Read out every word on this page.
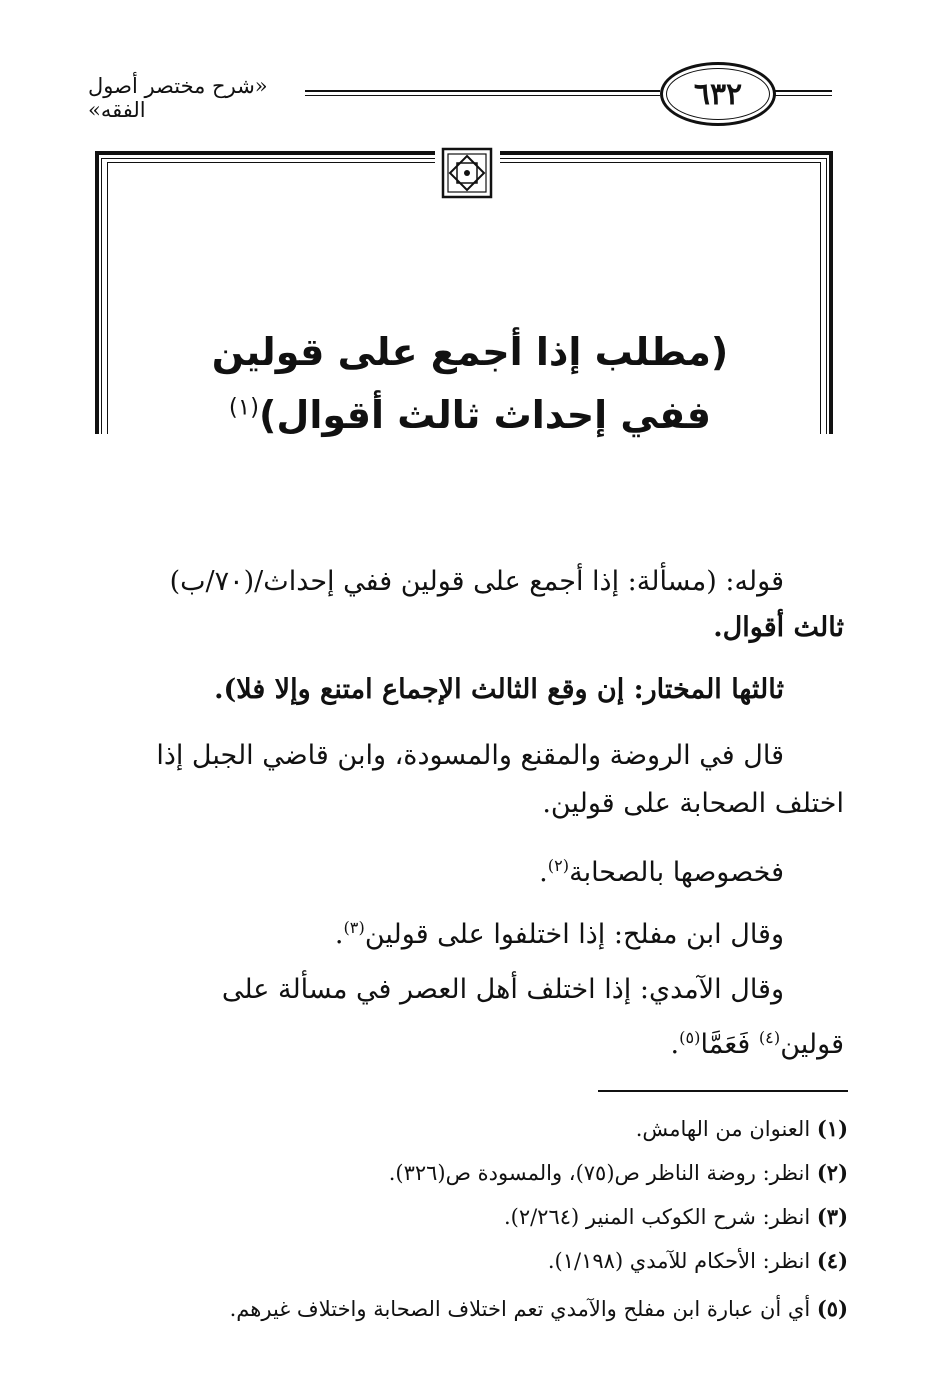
«شرح مختصر أصول الفقه»	٦٣٢
(مطلب إذا أجمع على قولين
ففي إحداث ثالث أقوال)$^{(١)}$
قوله: (مسألة: إذا أجمع على قولين ففي إحداث/(٧٠/ب)
ثالث أقوال.
ثالثها المختار: إن وقع الثالث الإجماع امتنع وإلا فلا).
قال في الروضة والمقنع والمسودة، وابن قاضي الجبل إذا
اختلف الصحابة على قولين.
فخصوصها بالصحابة$^{(٢)}$.
وقال ابن مفلح: إذا اختلفوا على قولين$^{(٣)}$.
وقال الآمدي: إذا اختلف أهل العصر في مسألة على
قولين$^{(٤)}$ فَعَمَّا$^{(٥)}$.
(١) العنوان من الهامش.
(٢) انظر: روضة الناظر ص(٧٥)، والمسودة ص(٣٢٦).
(٣) انظر: شرح الكوكب المنير (٢/٢٦٤).
(٤) انظر: الأحكام للآمدي (١/١٩٨).
(٥) أي أن عبارة ابن مفلح والآمدي تعم اختلاف الصحابة واختلاف غيرهم.
